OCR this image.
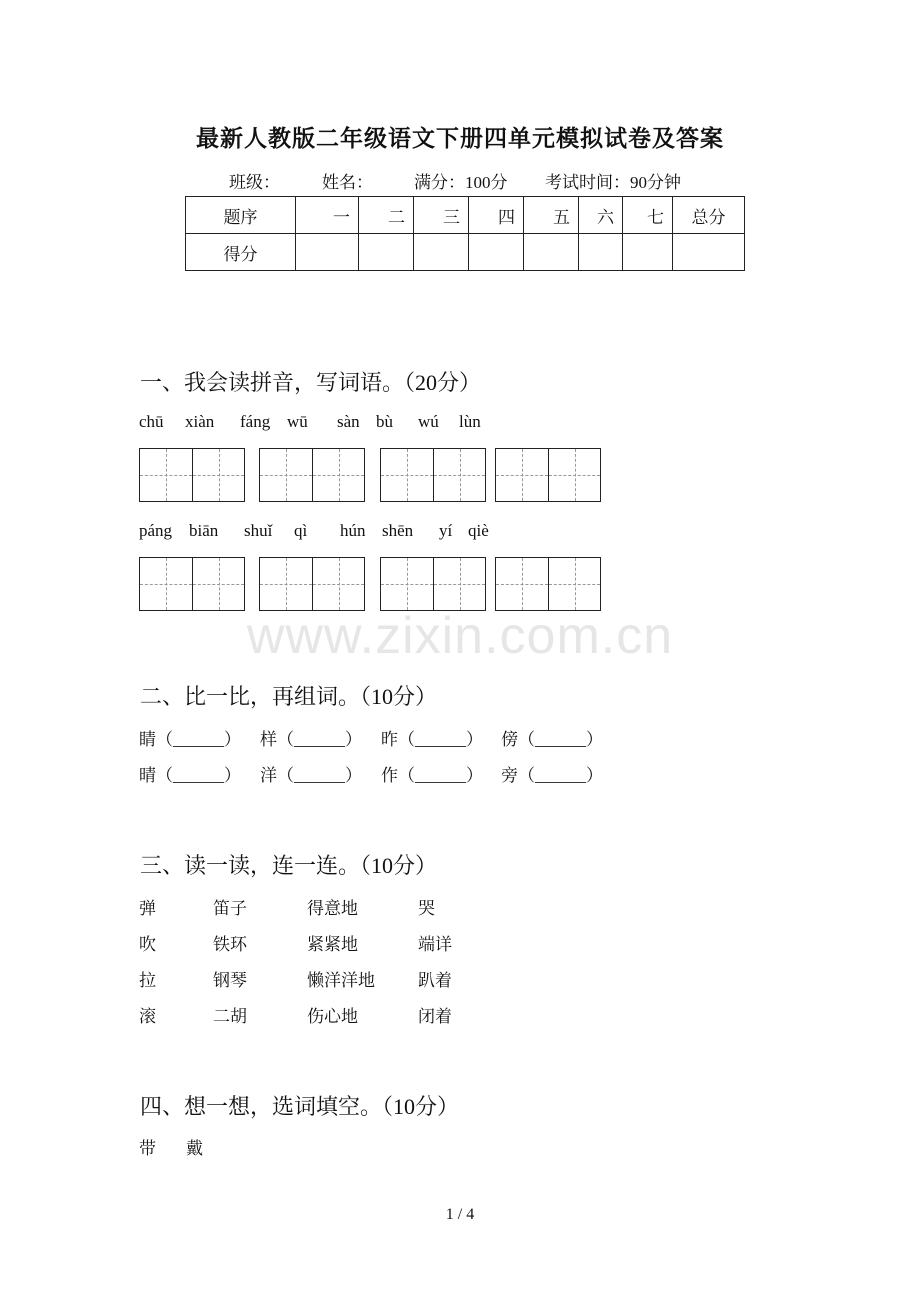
最新人教版二年级语文下册四单元模拟试卷及答案
班级： 姓名： 满分：100分 考试时间：90分钟
题序	一	二	三	四	五	六	七	总分
得分								
一、我会读拼音，写词语。（20分）
chū xiàn fáng wū sàn bù wú lùn
páng biān shuǐ qì hún shēn yí qiè
www.zixin.com.cn
二、比一比，再组词。（10分）
睛（______） 样（______） 昨（______） 傍（______）
晴（______） 洋（______） 作（______） 旁（______）
三、读一读，连一连。（10分）
弹	笛子	得意地	哭
吹	铁环	紧紧地	端详
拉	钢琴	懒洋洋地	趴着
滚	二胡	伤心地	闭着
四、想一想，选词填空。（10分）
带 戴
1 / 4
